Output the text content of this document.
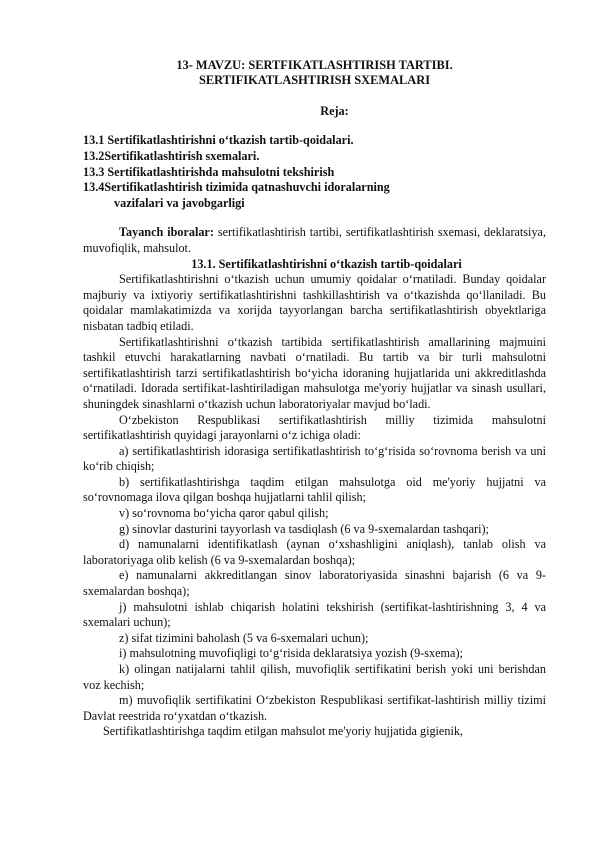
13- MAVZU: SERTFIKATLASHTIRISH TARTIBI.
SERTIFIKATLASHTIRISH SXEMALARI
Reja:
13.1 Sertifikatlashtirishni o‘tkazish tartib-qoidalari.
13.2Sertifikatlashtirish sxemalari.
13.3 Sertifikatlashtirishda mahsulotni tekshirish
13.4Sertifikatlashtirish tizimida qatnashuvchi idoralarning
vazifalari va javobgarligi

Tayanch iboralar: sertifikatlashtirish tartibi, sertifikatlashtirish sxemasi, deklaratsiya, muvofiqlik, mahsulot.

13.1. Sertifikatlashtirishni o‘tkazish tartib-qoidalari

Sertifikatlashtirishni o‘tkazish uchun umumiy qoidalar o‘rnatiladi. Bunday qoidalar majburiy va ixtiyoriy sertifikatlashtirishni tashkillashtirish va o‘tkazishda qo‘llaniladi. Bu qoidalar mamlakatimizda va xorijda tayyorlangan barcha sertifikatlashtirish obyektlariga nisbatan tadbiq etiladi.

Sertifikatlashtirishni o‘tkazish tartibida sertifikatlashtirish amallarining majmuini tashkil etuvchi harakatlarning navbati o‘rnatiladi. Bu tartib va bir turli mahsulotni sertifikatlashtirish tarzi sertifikatlashtirish bo‘yicha idoraning hujjatlarida uni akkreditlashda o‘rnatiladi. Idorada sertifikat-lashtiriladigan mahsulotga me'yoriy hujjatlar va sinash usullari, shuningdek sinashlarni o‘tkazish uchun laboratoriyalar mavjud bo‘ladi.

O‘zbekiston Respublikasi sertifikatlashtirish milliy tizimida mahsulotni sertifikatlashtirish quyidagi jarayonlarni o‘z ichiga oladi:

a) sertifikatlashtirish idorasiga sertifikatlashtirish to‘g‘risida so‘rovnoma berish va uni ko‘rib chiqish;

b) sertifikatlashtirishga taqdim etilgan mahsulotga oid me'yoriy hujjatni va so‘rovnomaga ilova qilgan boshqa hujjatlarni tahlil qilish;

v) so‘rovnoma bo‘yicha qaror qabul qilish;

g) sinovlar dasturini tayyorlash va tasdiqlash (6 va 9-sxemalardan tashqari);

d) namunalarni identifikatlash (aynan o‘xshashligini aniqlash), tanlab olish va laboratoriyaga olib kelish (6 va 9-sxemalardan boshqa);

e) namunalarni akkreditlangan sinov laboratoriyasida sinashni bajarish (6 va 9- sxemalardan boshqa);

j) mahsulotni ishlab chiqarish holatini tekshirish (sertifikat-lashtirishning 3, 4 va sxemalari uchun);

z) sifat tizimini baholash (5 va 6-sxemalari uchun);

i) mahsulotning muvofiqligi to‘g‘risida deklaratsiya yozish (9-sxema);

k) olingan natijalarni tahlil qilish, muvofiqlik sertifikatini berish yoki uni berishdan voz kechish;

m) muvofiqlik sertifikatini O‘zbekiston Respublikasi sertifikat-lashtirish milliy tizimi Davlat reestrida ro‘yxatdan o‘tkazish.

Sertifikatlashtirishga taqdim etilgan mahsulot me'yoriy hujjatida gigienik,
